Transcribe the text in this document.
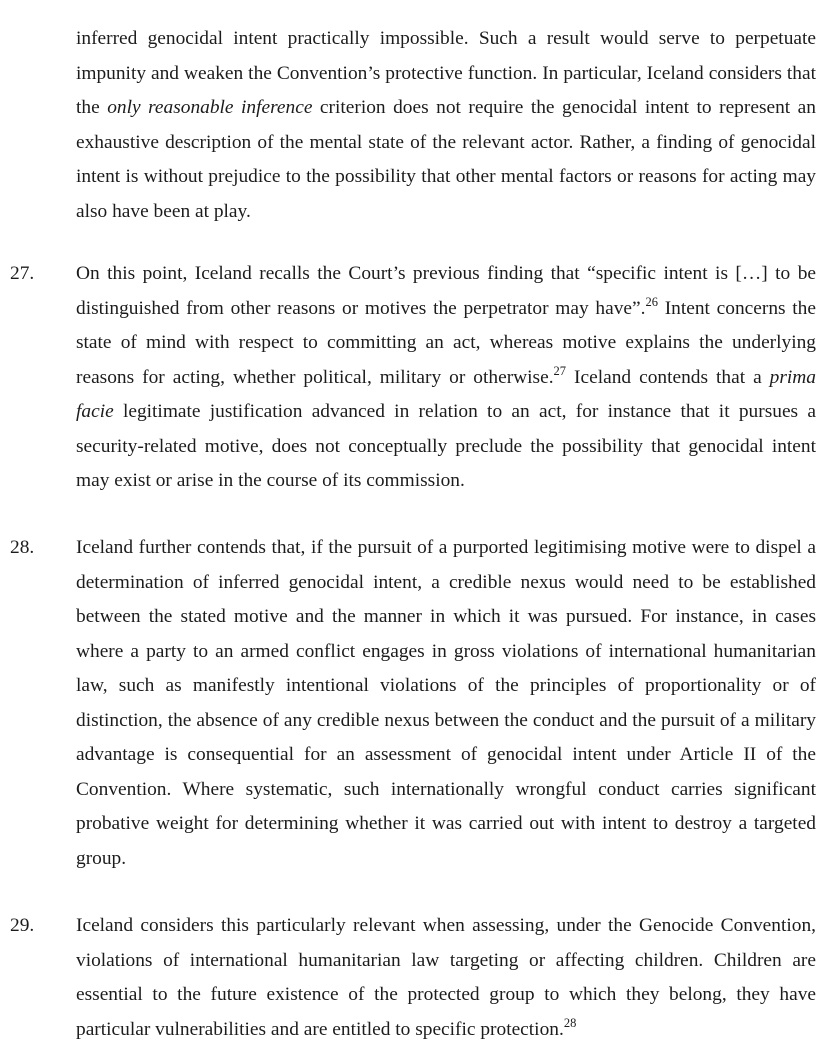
inferred genocidal intent practically impossible. Such a result would serve to perpetuate impunity and weaken the Convention’s protective function. In particular, Iceland considers that the only reasonable inference criterion does not require the genocidal intent to represent an exhaustive description of the mental state of the relevant actor. Rather, a finding of genocidal intent is without prejudice to the possibility that other mental factors or reasons for acting may also have been at play.
27.	On this point, Iceland recalls the Court’s previous finding that “specific intent is […] to be distinguished from other reasons or motives the perpetrator may have”.$^{26}$ Intent concerns the state of mind with respect to committing an act, whereas motive explains the underlying reasons for acting, whether political, military or otherwise.$^{27}$ Iceland contends that a prima facie legitimate justification advanced in relation to an act, for instance that it pursues a security-related motive, does not conceptually preclude the possibility that genocidal intent may exist or arise in the course of its commission.
28.	Iceland further contends that, if the pursuit of a purported legitimising motive were to dispel a determination of inferred genocidal intent, a credible nexus would need to be established between the stated motive and the manner in which it was pursued. For instance, in cases where a party to an armed conflict engages in gross violations of international humanitarian law, such as manifestly intentional violations of the principles of proportionality or of distinction, the absence of any credible nexus between the conduct and the pursuit of a military advantage is consequential for an assessment of genocidal intent under Article II of the Convention. Where systematic, such internationally wrongful conduct carries significant probative weight for determining whether it was carried out with intent to destroy a targeted group.
29.	Iceland considers this particularly relevant when assessing, under the Genocide Convention, violations of international humanitarian law targeting or affecting children. Children are essential to the future existence of the protected group to which they belong, they have particular vulnerabilities and are entitled to specific protection.$^{28}$
